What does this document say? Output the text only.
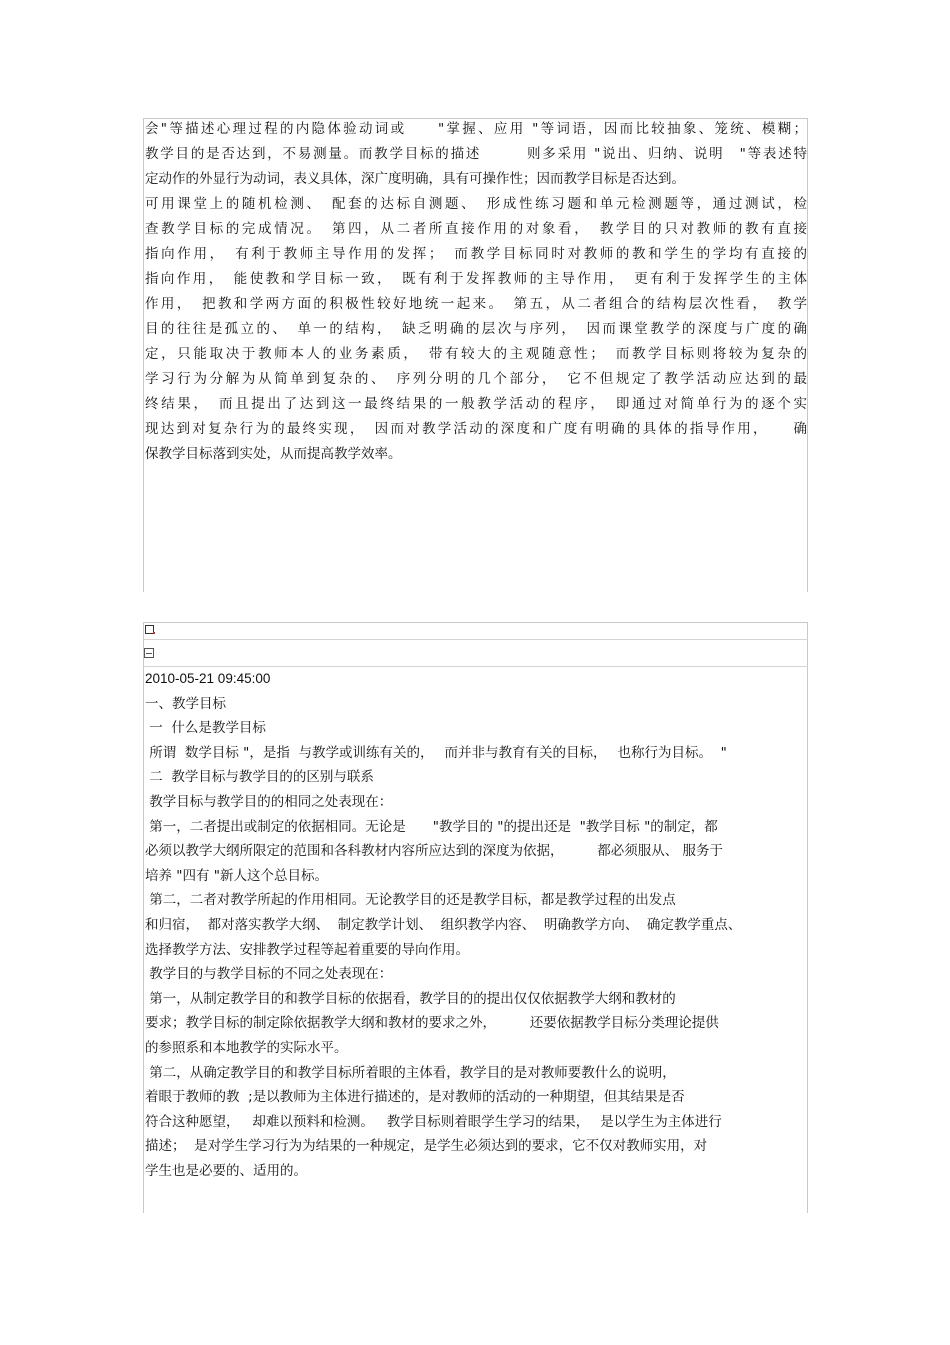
会"等描述心理过程的内隐体验动词或　　"掌握、应用 "等词语，因而比较抽象、笼统、模糊；
教学目的是否达到，不易测量。而教学目标的描述　　　则多采用 "说出、归纳、说明　"等表述特
定动作的外显行为动词，表义具体，深广度明确，具有可操作性；因而教学目标是否达到。
可用课堂上的随机检测、　配套的达标自测题、　形成性练习题和单元检测题等，通过测试，检
查教学目标的完成情况。　第四，从二者所直接作用的对象看，　教学目的只对教师的教有直接
指向作用，　有利于教师主导作用的发挥；　而教学目标同时对教师的教和学生的学均有直接的
指向作用，　能使教和学目标一致，　既有利于发挥教师的主导作用，　更有利于发挥学生的主体
作用，　把教和学两方面的积极性较好地统一起来。　第五，从二者组合的结构层次性看，　教学
目的往往是孤立的、　单一的结构，　缺乏明确的层次与序列，　因而课堂教学的深度与广度的确
定，只能取决于教师本人的业务素质，　带有较大的主观随意性；　而教学目标则将较为复杂的
学习行为分解为从简单到复杂的、　序列分明的几个部分，　它不但规定了教学活动应达到的最
终结果，　而且提出了达到这一最终结果的一般教学活动的程序，　即通过对简单行为的逐个实
现达到对复杂行为的最终实现，　因而对教学活动的深度和广度有明确的具体的指导作用，　　确
保教学目标落到实处，从而提高教学效率。
2010-05-21 09:45:00
一、教学目标
一  什么是教学目标
所谓  数学目标 "，是指  与教学或训练有关的，　 而并非与教育有关的目标，　 也称行为目标。  "
二  教学目标与教学目的的区别与联系
教学目标与教学目的的相同之处表现在：
第一，二者提出或制定的依据相同。无论是　　"教学目的 "的提出还是  "教学目标 "的制定，都
必须以教学大纲所限定的范围和各科教材内容所应达到的深度为依据，　　　都必须服从、 服务于
培养 "四有 "新人这个总目标。
第二，二者对教学所起的作用相同。无论教学目的还是教学目标，都是教学过程的出发点
和归宿，  都对落实教学大纲、  制定教学计划、  组织教学内容、  明确教学方向、  确定教学重点、
选择教学方法、安排教学过程等起着重要的导向作用。
教学目的与教学目标的不同之处表现在：
第一，从制定教学目的和教学目标的依据看，教学目的的提出仅仅依据教学大纲和教材的
要求；教学目标的制定除依据教学大纲和教材的要求之外，　　　还要依据教学目标分类理论提供
的参照系和本地教学的实际水平。
第二，从确定教学目的和教学目标所着眼的主体看，教学目的是对教师要教什么的说明，
着眼于教师的教  ;是以教师为主体进行描述的，是对教师的活动的一种期望，但其结果是否
符合这种愿望，   却难以预料和检测。   教学目标则着眼学生学习的结果，　 是以学生为主体进行
描述；  是对学生学习行为为结果的一种规定，是学生必须达到的要求，它不仅对教师实用，对
学生也是必要的、适用的。
